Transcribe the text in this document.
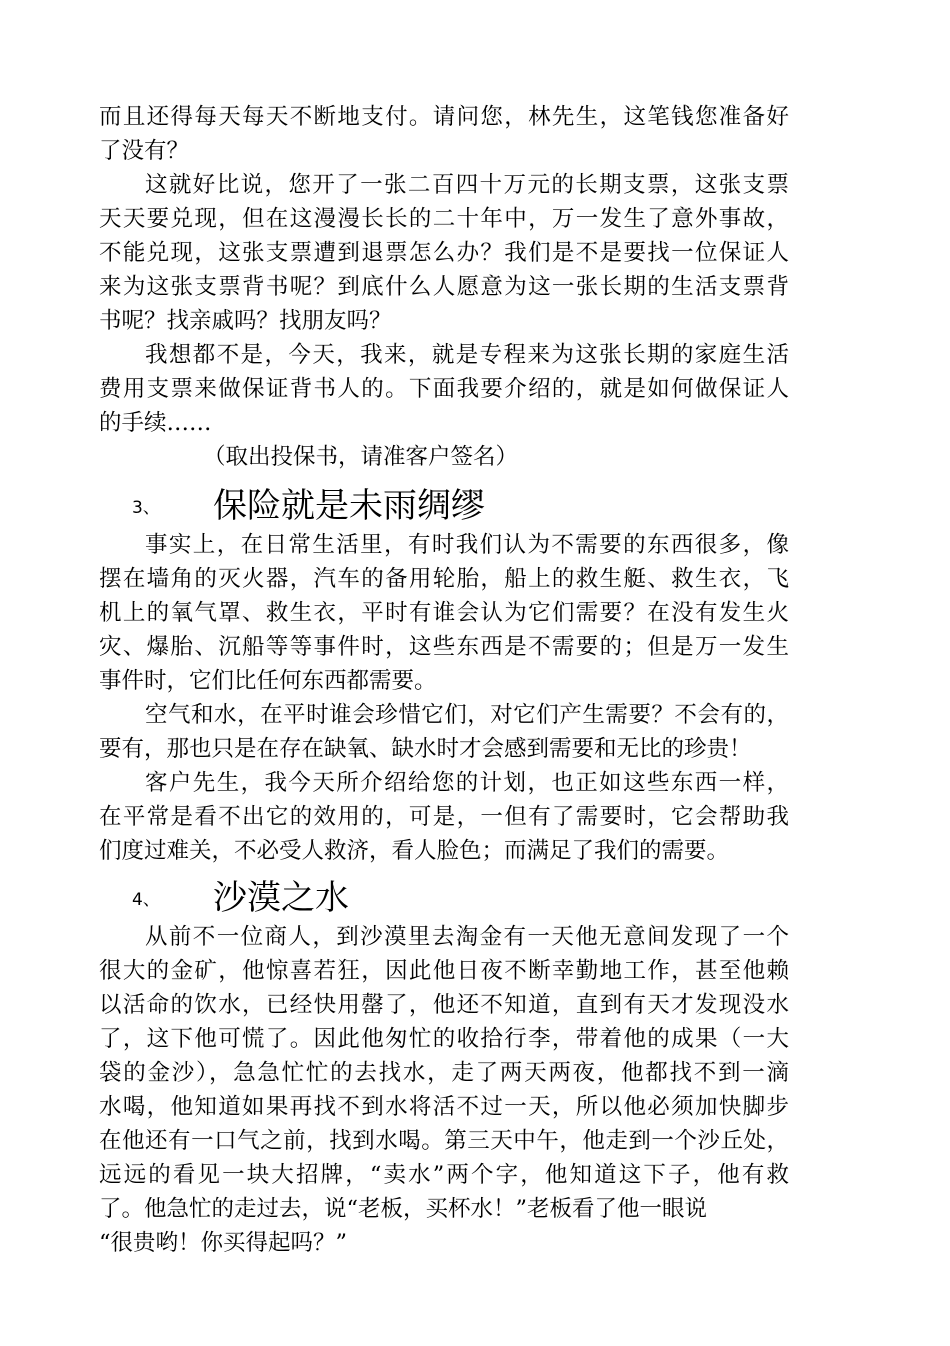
而且还得每天每天不断地支付。请问您，林先生，这笔钱您准备好
了没有？
这就好比说，您开了一张二百四十万元的长期支票，这张支票
天天要兑现，但在这漫漫长长的二十年中，万一发生了意外事故，
不能兑现，这张支票遭到退票怎么办？我们是不是要找一位保证人
来为这张支票背书呢？到底什么人愿意为这一张长期的生活支票背
书呢？找亲戚吗？找朋友吗？
我想都不是，今天，我来，就是专程来为这张长期的家庭生活
费用支票来做保证背书人的。下面我要介绍的，就是如何做保证人
的手续……
（取出投保书，请准客户签名）
3、 保险就是未雨绸缪
事实上，在日常生活里，有时我们认为不需要的东西很多，像
摆在墙角的灭火器，汽车的备用轮胎，船上的救生艇、救生衣，飞
机上的氧气罩、救生衣，平时有谁会认为它们需要？在没有发生火
灾、爆胎、沉船等等事件时，这些东西是不需要的；但是万一发生
事件时，它们比任何东西都需要。
空气和水，在平时谁会珍惜它们，对它们产生需要？不会有的，
要有，那也只是在存在缺氧、缺水时才会感到需要和无比的珍贵！
客户先生，我今天所介绍给您的计划，也正如这些东西一样，
在平常是看不出它的效用的，可是，一但有了需要时，它会帮助我
们度过难关，不必受人救济，看人脸色；而满足了我们的需要。
4、 沙漠之水
从前不一位商人，到沙漠里去淘金有一天他无意间发现了一个
很大的金矿，他惊喜若狂，因此他日夜不断幸勤地工作，甚至他赖
以活命的饮水，已经快用罄了，他还不知道，直到有天才发现没水
了，这下他可慌了。因此他匆忙的收拾行李，带着他的成果（一大
袋的金沙），急急忙忙的去找水，走了两天两夜，他都找不到一滴
水喝，他知道如果再找不到水将活不过一天，所以他必须加快脚步
在他还有一口气之前，找到水喝。第三天中午，他走到一个沙丘处，
远远的看见一块大招牌，“卖水”两个字，他知道这下子，他有救
了。他急忙的走过去，说“老板，买杯水！”老板看了他一眼说
“很贵哟！你买得起吗？”
